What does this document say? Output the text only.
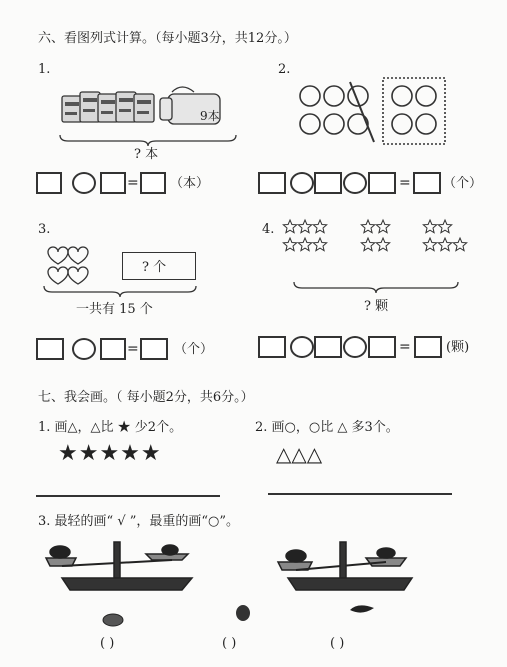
六、看图列式计算。（每小题3分，共12分。）
1.
9本
? 本
= （本）
2.
= （个）
3.
? 个
一共有 15 个
=	（个）
4.
? 颗
=	(颗)
七、我会画。（ 每小题2分，共6分。）
1. 画△，△比 ★ 少2个。
★★★★★
2. 画○，○比 △ 多3个。
△△△
3. 最轻的画“ √ ”，最重的画“○”。
( )	( )	( )
